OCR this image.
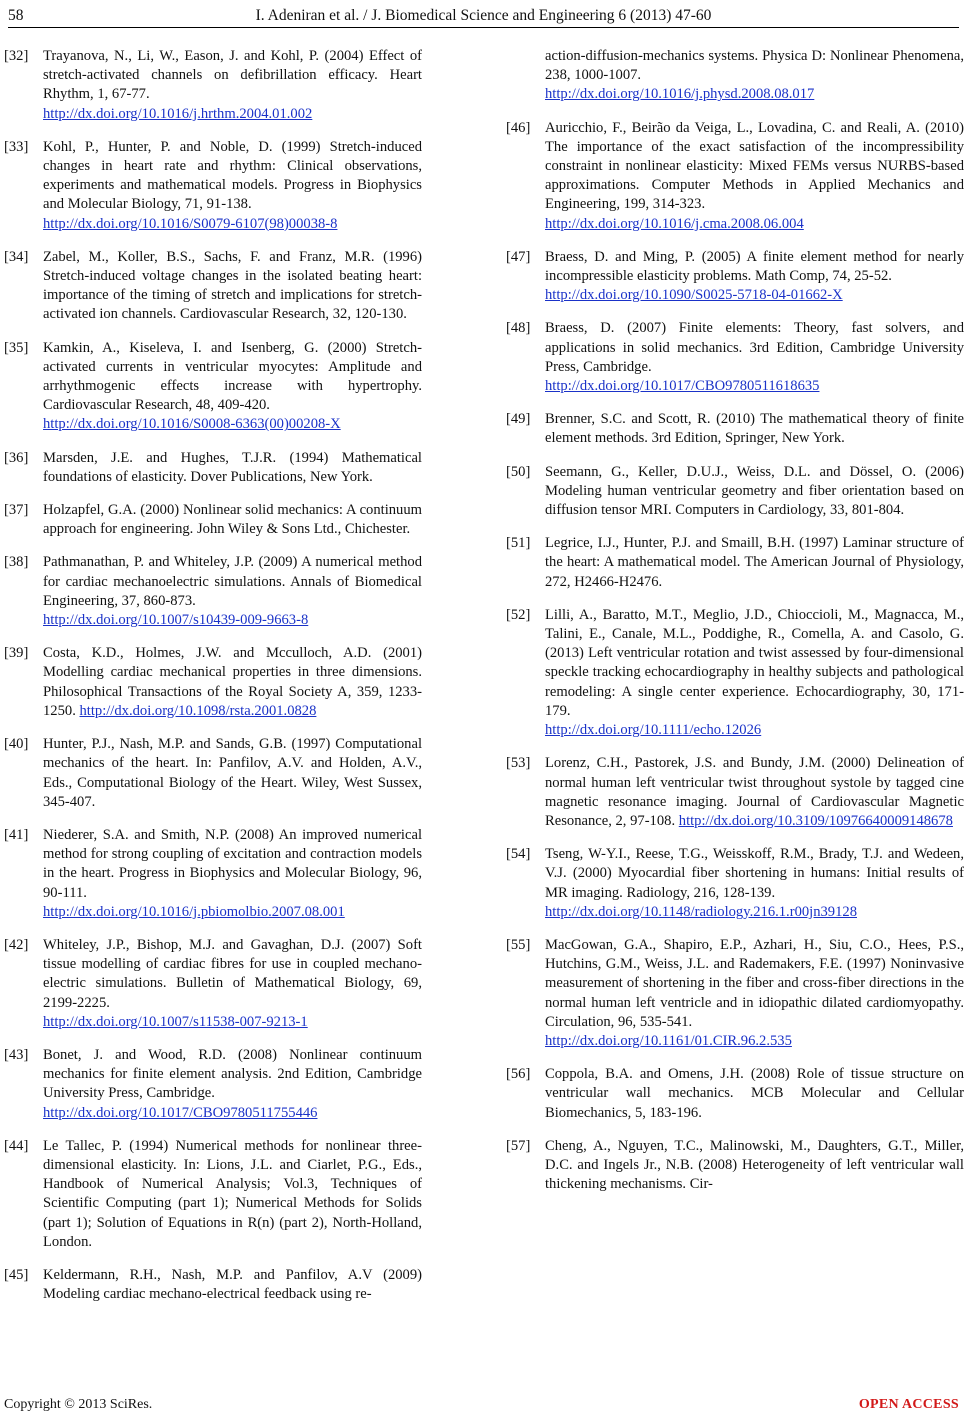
58	I. Adeniran et al. / J. Biomedical Science and Engineering 6 (2013) 47-60
[32] Trayanova, N., Li, W., Eason, J. and Kohl, P. (2004) Effect of stretch-activated channels on defibrillation efficacy. Heart Rhythm, 1, 67-77.
http://dx.doi.org/10.1016/j.hrthm.2004.01.002
[33] Kohl, P., Hunter, P. and Noble, D. (1999) Stretch-induced changes in heart rate and rhythm: Clinical observations, experiments and mathematical models. Progress in Biophysics and Molecular Biology, 71, 91-138.
http://dx.doi.org/10.1016/S0079-6107(98)00038-8
[34] Zabel, M., Koller, B.S., Sachs, F. and Franz, M.R. (1996) Stretch-induced voltage changes in the isolated beating heart: importance of the timing of stretch and implications for stretch-activated ion channels. Cardiovascular Research, 32, 120-130.
[35] Kamkin, A., Kiseleva, I. and Isenberg, G. (2000) Stretch-activated currents in ventricular myocytes: Amplitude and arrhythmogenic effects increase with hypertrophy. Cardiovascular Research, 48, 409-420.
http://dx.doi.org/10.1016/S0008-6363(00)00208-X
[36] Marsden, J.E. and Hughes, T.J.R. (1994) Mathematical foundations of elasticity. Dover Publications, New York.
[37] Holzapfel, G.A. (2000) Nonlinear solid mechanics: A continuum approach for engineering. John Wiley & Sons Ltd., Chichester.
[38] Pathmanathan, P. and Whiteley, J.P. (2009) A numerical method for cardiac mechanoelectric simulations. Annals of Biomedical Engineering, 37, 860-873.
http://dx.doi.org/10.1007/s10439-009-9663-8
[39] Costa, K.D., Holmes, J.W. and Mcculloch, A.D. (2001) Modelling cardiac mechanical properties in three dimensions. Philosophical Transactions of the Royal Society A, 359, 1233-1250. http://dx.doi.org/10.1098/rsta.2001.0828
[40] Hunter, P.J., Nash, M.P. and Sands, G.B. (1997) Computational mechanics of the heart. In: Panfilov, A.V. and Holden, A.V., Eds., Computational Biology of the Heart. Wiley, West Sussex, 345-407.
[41] Niederer, S.A. and Smith, N.P. (2008) An improved numerical method for strong coupling of excitation and contraction models in the heart. Progress in Biophysics and Molecular Biology, 96, 90-111.
http://dx.doi.org/10.1016/j.pbiomolbio.2007.08.001
[42] Whiteley, J.P., Bishop, M.J. and Gavaghan, D.J. (2007) Soft tissue modelling of cardiac fibres for use in coupled mechano-electric simulations. Bulletin of Mathematical Biology, 69, 2199-2225.
http://dx.doi.org/10.1007/s11538-007-9213-1
[43] Bonet, J. and Wood, R.D. (2008) Nonlinear continuum mechanics for finite element analysis. 2nd Edition, Cambridge University Press, Cambridge.
http://dx.doi.org/10.1017/CBO9780511755446
[44] Le Tallec, P. (1994) Numerical methods for nonlinear three-dimensional elasticity. In: Lions, J.L. and Ciarlet, P.G., Eds., Handbook of Numerical Analysis; Vol.3, Techniques of Scientific Computing (part 1); Numerical Methods for Solids (part 1); Solution of Equations in R(n) (part 2), North-Holland, London.
[45] Keldermann, R.H., Nash, M.P. and Panfilov, A.V (2009) Modeling cardiac mechano-electrical feedback using re-
action-diffusion-mechanics systems. Physica D: Nonlinear Phenomena, 238, 1000-1007.
http://dx.doi.org/10.1016/j.physd.2008.08.017
[46] Auricchio, F., Beirão da Veiga, L., Lovadina, C. and Reali, A. (2010) The importance of the exact satisfaction of the incompressibility constraint in nonlinear elasticity: Mixed FEMs versus NURBS-based approximations. Computer Methods in Applied Mechanics and Engineering, 199, 314-323.
http://dx.doi.org/10.1016/j.cma.2008.06.004
[47] Braess, D. and Ming, P. (2005) A finite element method for nearly incompressible elasticity problems. Math Comp, 74, 25-52.
http://dx.doi.org/10.1090/S0025-5718-04-01662-X
[48] Braess, D. (2007) Finite elements: Theory, fast solvers, and applications in solid mechanics. 3rd Edition, Cambridge University Press, Cambridge.
http://dx.doi.org/10.1017/CBO9780511618635
[49] Brenner, S.C. and Scott, R. (2010) The mathematical theory of finite element methods. 3rd Edition, Springer, New York.
[50] Seemann, G., Keller, D.U.J., Weiss, D.L. and Dössel, O. (2006) Modeling human ventricular geometry and fiber orientation based on diffusion tensor MRI. Computers in Cardiology, 33, 801-804.
[51] Legrice, I.J., Hunter, P.J. and Smaill, B.H. (1997) Laminar structure of the heart: A mathematical model. The American Journal of Physiology, 272, H2466-H2476.
[52] Lilli, A., Baratto, M.T., Meglio, J.D., Chioccioli, M., Magnacca, M., Talini, E., Canale, M.L., Poddighe, R., Comella, A. and Casolo, G. (2013) Left ventricular rotation and twist assessed by four-dimensional speckle tracking echocardiography in healthy subjects and pathological remodeling: A single center experience. Echocardiography, 30, 171-179.
http://dx.doi.org/10.1111/echo.12026
[53] Lorenz, C.H., Pastorek, J.S. and Bundy, J.M. (2000) Delineation of normal human left ventricular twist throughout systole by tagged cine magnetic resonance imaging. Journal of Cardiovascular Magnetic Resonance, 2, 97-108. http://dx.doi.org/10.3109/10976640009148678
[54] Tseng, W-Y.I., Reese, T.G., Weisskoff, R.M., Brady, T.J. and Wedeen, V.J. (2000) Myocardial fiber shortening in humans: Initial results of MR imaging. Radiology, 216, 128-139.
http://dx.doi.org/10.1148/radiology.216.1.r00jn39128
[55] MacGowan, G.A., Shapiro, E.P., Azhari, H., Siu, C.O., Hees, P.S., Hutchins, G.M., Weiss, J.L. and Rademakers, F.E. (1997) Noninvasive measurement of shortening in the fiber and cross-fiber directions in the normal human left ventricle and in idiopathic dilated cardiomyopathy. Circulation, 96, 535-541.
http://dx.doi.org/10.1161/01.CIR.96.2.535
[56] Coppola, B.A. and Omens, J.H. (2008) Role of tissue structure on ventricular wall mechanics. MCB Molecular and Cellular Biomechanics, 5, 183-196.
[57] Cheng, A., Nguyen, T.C., Malinowski, M., Daughters, G.T., Miller, D.C. and Ingels Jr., N.B. (2008) Heterogeneity of left ventricular wall thickening mechanisms. Cir-
Copyright © 2013 SciRes.	OPEN ACCESS
